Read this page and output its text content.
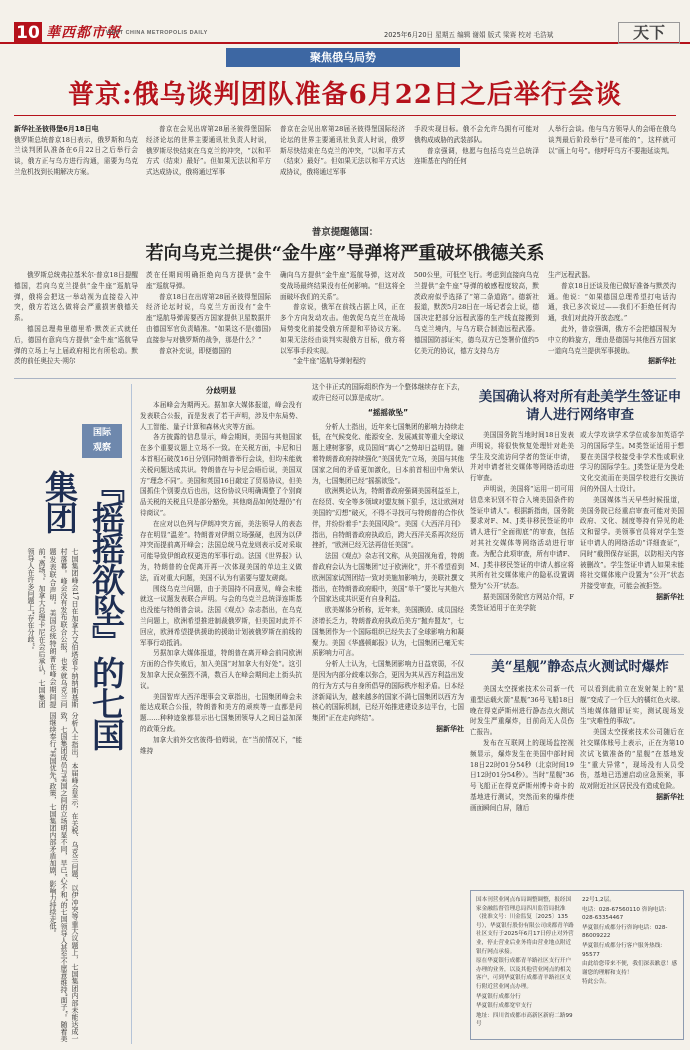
10 華西都市報
WEST CHINA METROPOLIS DAILY	2025年6月20日 星期五 编辑 谢娟 版式 梁赛 校对 毛浩斌	天下
聚焦俄乌局势
普京:俄乌谈判团队准备6月22日之后举行会谈
新华社圣彼得堡6月18日电

俄罗斯总统普京18日表示，俄罗斯和乌克兰谈判团队准备在6月22日之后举行会谈，俄方正与乌方进行沟通，需要为乌克兰危机找到长期解决方案。

普京在会见出席第28届圣彼得堡国际经济论坛的世界主要通讯社负责人时说，俄罗斯尽快结束在乌克兰的冲突，“以和平方式（结束）最好”。但如果无法以和平方式达成协议，俄将通过军事

普京在会见出席第28届圣彼得堡国际经济论坛的世界主要通讯社负责人时说，俄罗斯尽快结束在乌克兰的冲突，“以和平方式（结束）最好”。但如果无法以和平方式达成协议，俄将通过军事

手段实现目标。俄不会允许乌拥有可能对俄构成威胁的武装部队。

普京强调，他愿与包括乌克兰总统泽连斯基在内的任何

人举行会谈。他与乌方领导人的会晤在俄乌谈判最后阶段举行“是可能的”，这样就可以“画上句号”。他呼吁乌方不要拖延谈判。

普京提醒德国：
若向乌克兰提供“金牛座”导弹将严重破坏俄德关系

俄罗斯总统弗拉基米尔·普京18日提醒德国，若向乌克兰提供“金牛座”巡航导弹，俄将会把这一举动视为直接卷入冲突，俄方若这么做将会严重损害俄德关系。

德国总理弗里德里希·默茨正式就任后，德国有意向乌方提供“金牛座”巡航导弹的立场上与上届政府相比有所松动。默茨的前任奥拉夫·朔尔

茨在任期间明确拒绝向乌方提供“金牛座”巡航导弹。

普京18日在出席第28届圣彼得堡国际经济论坛时说，乌克兰方面没有“金牛座”巡航导弹需要西方国家提供卫星数据并由德国军官负责瞄准。“如果这不是(德国)直接参与对俄罗斯的战争，那是什么？”

普京补充说，即便德国的

确向乌方提供“金牛座”巡航导弹，这对改变战场最终结果没有任何影响。“但这将全面破坏我们的关系”。

普京说，俄军在前线占据上风，正在多个方向发动攻击。他敦促乌克兰在战场局势变化前接受俄方所提和平协议方案。如果无法经由谈判实现俄方目标，俄方将以军事手段实现。

“金牛座”巡航导弹射程约

500公里，可低空飞行。考虑到直接向乌克兰提供“金牛座”导弹的敏感程度较高，默茨政府似乎选择了“第二条道路”。德新社报道，默茨5月28日在一场记者会上说，德国决定把部分远程武器的生产线直接搬到乌克兰境内，与乌方联合制造远程武器。德国国防部证实，德乌双方已签署价值约5亿美元的协议，德方支持乌方

生产远程武器。

普京18日还谈及他已做好准备与默茨沟通。他说：“如果德国总理希望打电话沟通，我已多次说过——我们不拒绝任何沟通，我们对此持开放态度。”

此外，普京强调，俄方不会把德国视为中立的斡旋方，理由是德国与其他西方国家一道向乌克兰提供军事援助。

据新华社
国际
观察
『摇摇欲坠』的七国集团
七国集团峰会17日在加拿大艾伯塔省卡纳纳斯基斯村落幕。峰会没有发布联合公报，也未就乌克兰问题发表联合声明。美国总统特朗普在峰会期间提前“离场”。加拿大总理卡尼在会后承认，七国集团领导人在许多问题上“存在分歧”。
分析人士指出，本届峰会显示，在关税、乌克兰问题、以伊冲突等重大议题上，七国集团内部未能达成一致，七国集团成员与美国之间的立场明显不同，早已“心不和”的七国领导人甚至不愿意维持“面子”。随着美国继续奉行“美国优先”政策，七国集团内部矛盾加剧，影响力持续走低。
分歧明显

本届峰会为期两天。据加拿大媒体报道，峰会没有发表联合公报，而是发表了若干声明，涉及中东局势、人工智能、量子计算和森林火灾等方面。

各方披露的信息显示，峰会期间，美国与其他国家在多个重要议题上立场不一致。在关税方面，卡尼和日本首相石破茂16日分别同特朗普举行会谈，但均未能就关税问题达成共识。特朗普在与卡尼会晤后说，美国双方“理念不同”。美国和英国16日敲定了贸易协议，但美国抓住个别要点后也出，这份协议只明确调整了个别商品关税的关税且只是部分豁免，其他商品如何处理仍“有待商议”。

在应对以色列与伊朗冲突方面，美法领导人的表态存在明显“温差”。特朗普对伊朗立场强硬，也因为以伊冲突而提前离开峰会；法国总统马克龙则表示反对采取可能导致伊朗政权更迭的军事行动。法国《世界报》认为，特朗普的仓促离开再一次体现美国的单边主义做法，而对重大问题，美国不认为有需要与盟友磋商。

围绕乌克兰问题，由于美国持不同意见，峰会未能就这一议题发表联合声明。与会的乌克兰总统泽连斯基也没能与特朗普会谈。法国《观点》杂志指出，在乌克兰问题上，欧洲希望推进制裁俄罗斯，但美国对此并不回应，欧洲希望提供援助的援助计划被俄罗斯在前线的军事行动抵消。

另据加拿大媒体报道，特朗普在离开峰会前同欧洲方面的合作失败后，加入美国“对加拿大有好处”。这引发加拿大民众强烈不满，数百人在峰会期间走上街头抗议。

美国智库大西洋理事会文章指出，七国集团峰会未能达成联合公报，特朗普和美方的顽疾等一直都是问题……种种迹象都显示出七国集团领导人之间日益加深的政策分歧。

加拿大前外交官彼得·伯姆说，在“当前情况下，“能维持

这个非正式的国际组织作为一个整体继续存在下去，或许已经可以算是成功”。

“摇摇欲坠”

分析人士指出，近年来七国集团的影响力持续走低，在气候变化、能源安全、发展减贫等重大全球议题上建树寥寥，成员国间“离心”之势却日益明显。随着特朗普政府持续强化“美国优先”立场，美国与其他国家之间的矛盾更加激化，日本前首相田中角荣认为，七国集团已经“摇摇欲坠”。

欧洲舆论认为，特朗普政府强调美国利益至上，在经贸、安全等多领域对盟友频下狠手，这让欧洲对美国的“幻想”破灭，不得不寻找可与特朗普的合作伙伴，并纷纷着手“去美国风险”。美国《大西洋月刊》指出，自特朗普政府执政后，跨大西洋关系再次经历挫折，“欧洲已经无法再信任美国”。

法国《观点》杂志刊文称，从美国视角看，特朗普政府会认为七国集团“过于欧洲化”，并不希望看到欧洲国家试图团结一致对美施加影响力，美联社撰文指出，在特朗普政府眼中，美国“单干”要比与其他六个国家达成共识更有自身利益。

欧美媒体分析称，近年来，美国撕毁、成员国经济增长乏力，特朗普政府执政后美方“抛弃盟友”，七国集团作为一个国际组织已经失去了全球影响力和凝聚力。美国《华盛顿邮报》认为，七国集团已毫无实质影响力可言。

分析人士认为，七国集团影响力日益衰弱，不仅是因为内部分歧难以弥合，更因为其从西方利益出发的行为方式与自身所倡导的国际秩序相矛盾。日本经济新闻认为，越来越多的国家不满七国集团以西方为核心的国际机制，已经开始推进建设多边平台，七国集团“正在走向终结”。

据新华社
美国确认将对所有赴美学生签证申请人进行网络审查

美国国务院当地时间18日发表声明说，将很快恢复处理针对赴美学生及交流访问学者的签证申请，并对申请者社交媒体等网络活动进行审查。

声明说，美国将“运用一切可用信息来识别不符合入境美国条件的签证申请人”。根据新指南，国务院要求对F、M、J类非移民签证的申请人进行“全面彻底”的审查，包括对其社交媒体等网络活动进行审查。为配合此项审查，所有申请F、M、J类非移民签证的申请人都应将其所有社交媒体账户的隐私设置调整为“公开”状态。

据美国国务院官方网站介绍，F类签证适用于在美学院

或大学攻读学术学位或参加英语学习的国际学生。M类签证适用于想要在美国学校接受非学术性或职业学习的国际学生。J类签证是为受赴文化交流而在美国学校进行交换访问的外国人士设计。

美国媒体当天早些时候报道，美国务院已经重启审查可能对美国政府、文化、制度等持有异见的赴文和留学。美领事官员将对学生签证申请人的网络活动“详细查证”，同时“截图保存证据，以防相关内容被删改”。学生签证申请人如果未能将社交媒体账户设置为“公开”状态并接受审查，可能会被拒签。

据新华社
美“星舰”静态点火测试时爆炸

美国太空探索技术公司新一代重型运载火箭“星舰”36号飞船18日晚在得克萨斯州进行静态点火测试时发生严重爆炸，目前尚无人员伤亡报告。

发布在互联网上的现场监控视频显示，爆炸发生在美国中部时间18日22时01分54秒（北京时间19日12时01分54秒）。当时“星舰”36号飞船正在得克萨斯州博卡奇卡的基地进行测试，突然而来的爆炸使画面瞬间白屏，随后

可以看到此前立在发射架上的“星舰”变成了一个巨大的橘红色火球。当地媒体随即证实，测试现场发生“灾难性的事故”。

美国太空探索技术公司随后在社交媒体账号上表示，正在为第10次试飞做准备的“星舰”在基地发生“重大异常”，现场没有人员受伤，基地已迅速启动应急预案，事故对附近社区居民没有造成危险。

据新华社
国本刊营业网点布局调整调整，报经国家金融监督管理总局四川监管局批准（批准文号：川金监复〔2025〕135号），华夏银行股份有限公司成都青羊路社区支行于2025年6月17日停止对外营业，停止营业后业务将由营业地点附近银行网点承接。
原在华夏银行成都青羊路社区支行开户办理的业务，以及其他营业网点的相关客户，可到华夏银行成都青羊路社区支行附近营业网点办理。
华夏银行成都分行
华夏银行成都宽窄支行
地址：四川省成都市高新区新府二路99号
22号1,2层。
电话：028-67560110 咨询电话：028-63354467
华夏银行成都分行咨询电话：028-86009222
华夏银行成都分行客户服务热线：95577
由此给您带来不便，我们深表歉意！感谢您的理解和支持！
特此公告。
